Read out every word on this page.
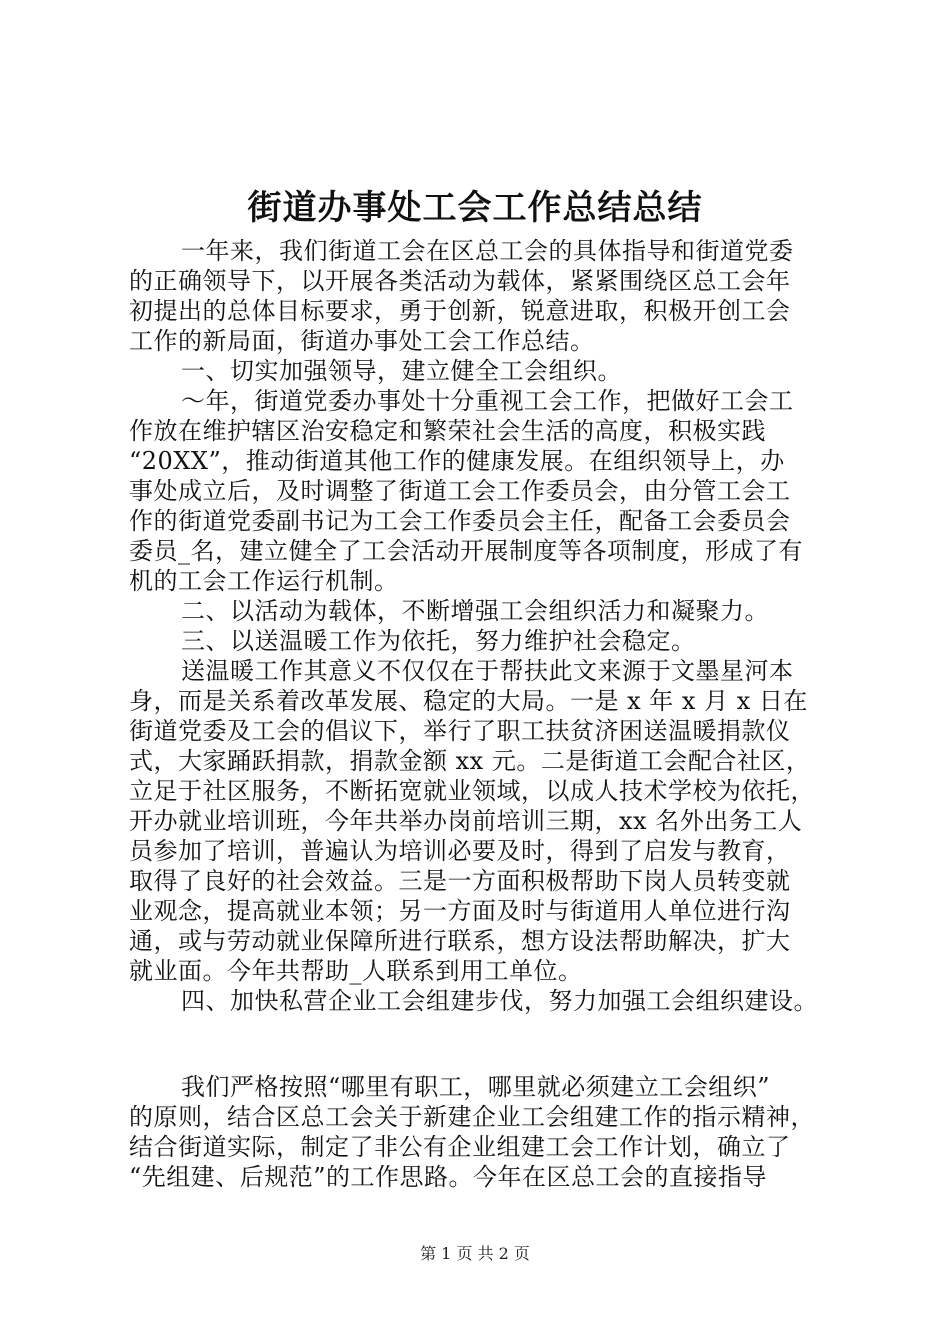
街道办事处工会工作总结总结
一年来，我们街道工会在区总工会的具体指导和街道党委
的正确领导下，以开展各类活动为载体，紧紧围绕区总工会年
初提出的总体目标要求，勇于创新，锐意进取，积极开创工会
工作的新局面，街道办事处工会工作总结。
一、切实加强领导，建立健全工会组织。
～年，街道党委办事处十分重视工会工作，把做好工会工
作放在维护辖区治安稳定和繁荣社会生活的高度，积极实践
“20XX”，推动街道其他工作的健康发展。在组织领导上，办
事处成立后，及时调整了街道工会工作委员会，由分管工会工
作的街道党委副书记为工会工作委员会主任，配备工会委员会
委员_名，建立健全了工会活动开展制度等各项制度，形成了有
机的工会工作运行机制。
二、以活动为载体，不断增强工会组织活力和凝聚力。
三、以送温暖工作为依托，努力维护社会稳定。
送温暖工作其意义不仅仅在于帮扶此文来源于文墨星河本
身，而是关系着改革发展、稳定的大局。一是 x 年 x 月 x 日在
街道党委及工会的倡议下，举行了职工扶贫济困送温暖捐款仪
式，大家踊跃捐款，捐款金额 xx 元。二是街道工会配合社区，
立足于社区服务，不断拓宽就业领域，以成人技术学校为依托，
开办就业培训班，今年共举办岗前培训三期，xx 名外出务工人
员参加了培训，普遍认为培训必要及时，得到了启发与教育，
取得了良好的社会效益。三是一方面积极帮助下岗人员转变就
业观念，提高就业本领；另一方面及时与街道用人单位进行沟
通，或与劳动就业保障所进行联系，想方设法帮助解决，扩大
就业面。今年共帮助_人联系到用工单位。
四、加快私营企业工会组建步伐，努力加强工会组织建设。
我们严格按照“哪里有职工，哪里就必须建立工会组织”
的原则，结合区总工会关于新建企业工会组建工作的指示精神，
结合街道实际，制定了非公有企业组建工会工作计划，确立了
“先组建、后规范”的工作思路。今年在区总工会的直接指导
第 1 页 共 2 页
